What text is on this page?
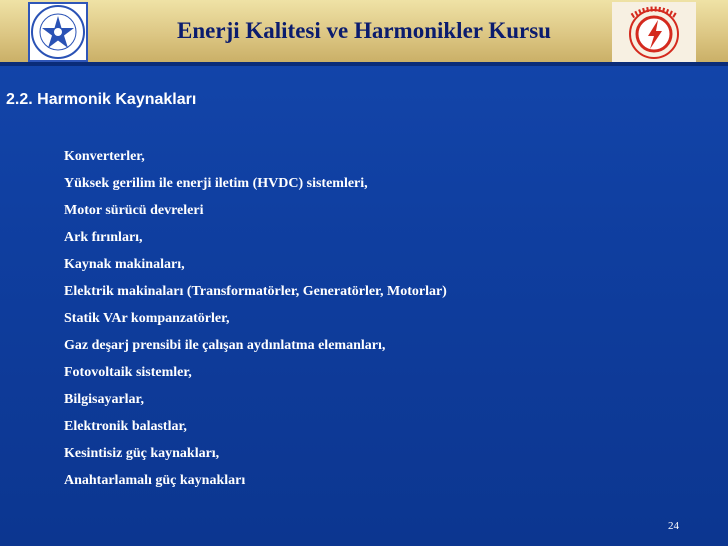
Enerji Kalitesi ve Harmonikler Kursu
2.2. Harmonik Kaynakları
Konverterler,
Yüksek gerilim ile enerji iletim (HVDC) sistemleri,
Motor sürücü devreleri
Ark fırınları,
Kaynak makinaları,
Elektrik makinaları (Transformatörler, Generatörler, Motorlar)
Statik VAr kompanzatörler,
Gaz deşarj prensibi ile çalışan aydınlatma elemanları,
Fotovoltaik sistemler,
Bilgisayarlar,
Elektronik balastlar,
Kesintisiz güç kaynakları,
Anahtarlamalı güç kaynakları
24
